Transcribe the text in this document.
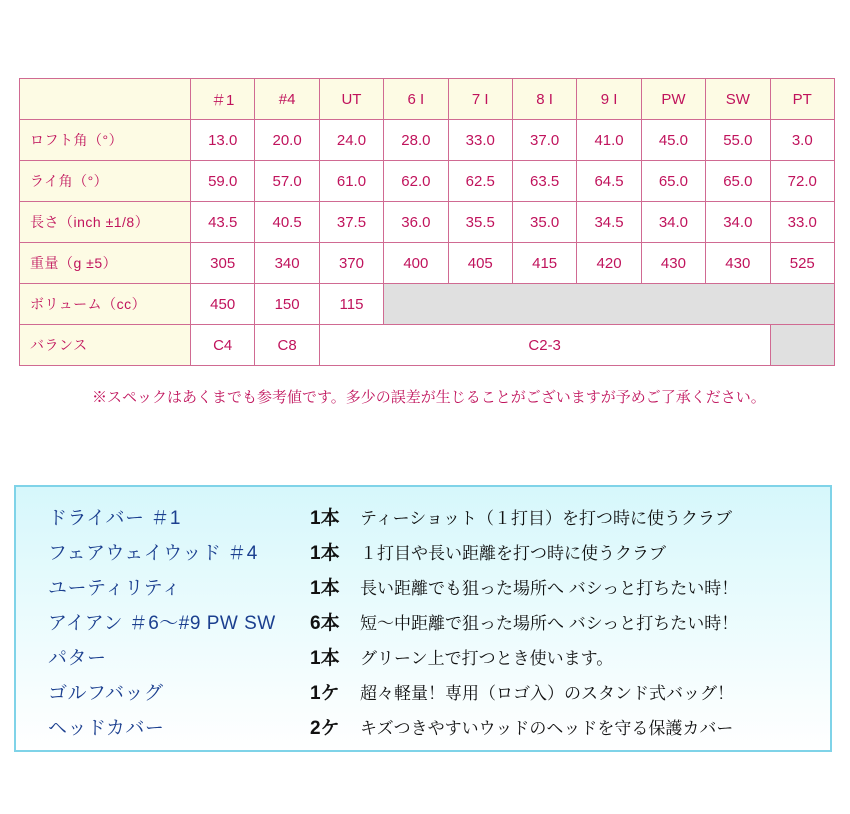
	＃1	#4	UT	6 I	7 I	8 I	9 I	PW	SW	PT
ロフト角（°）	13.0	20.0	24.0	28.0	33.0	37.0	41.0	45.0	55.0	3.0
ライ角（°）	59.0	57.0	61.0	62.0	62.5	63.5	64.5	65.0	65.0	72.0
長さ（inch ±1/8）	43.5	40.5	37.5	36.0	35.5	35.0	34.5	34.0	34.0	33.0
重量（g ±5）	305	340	370	400	405	415	420	430	430	525
ボリューム（cc）	450	150	115							
バランス	C4	C8	C2-3							
※スペックはあくまでも参考値です。多少の誤差が生じることがございますが予めご了承ください。
ドライバー ＃1	1本	ティーショット（１打目）を打つ時に使うクラブ
フェアウェイウッド ＃4	1本	１打目や長い距離を打つ時に使うクラブ
ユーティリティ	1本	長い距離でも狙った場所へ バシっと打ちたい時！
アイアン ＃6〜#9 PW SW	6本	短〜中距離で狙った場所へ バシっと打ちたい時！
パター	1本	グリーン上で打つとき使います。
ゴルフバッグ	1ケ	超々軽量！専用（ロゴ入）のスタンド式バッグ！
ヘッドカバー	2ケ	キズつきやすいウッドのヘッドを守る保護カバー
